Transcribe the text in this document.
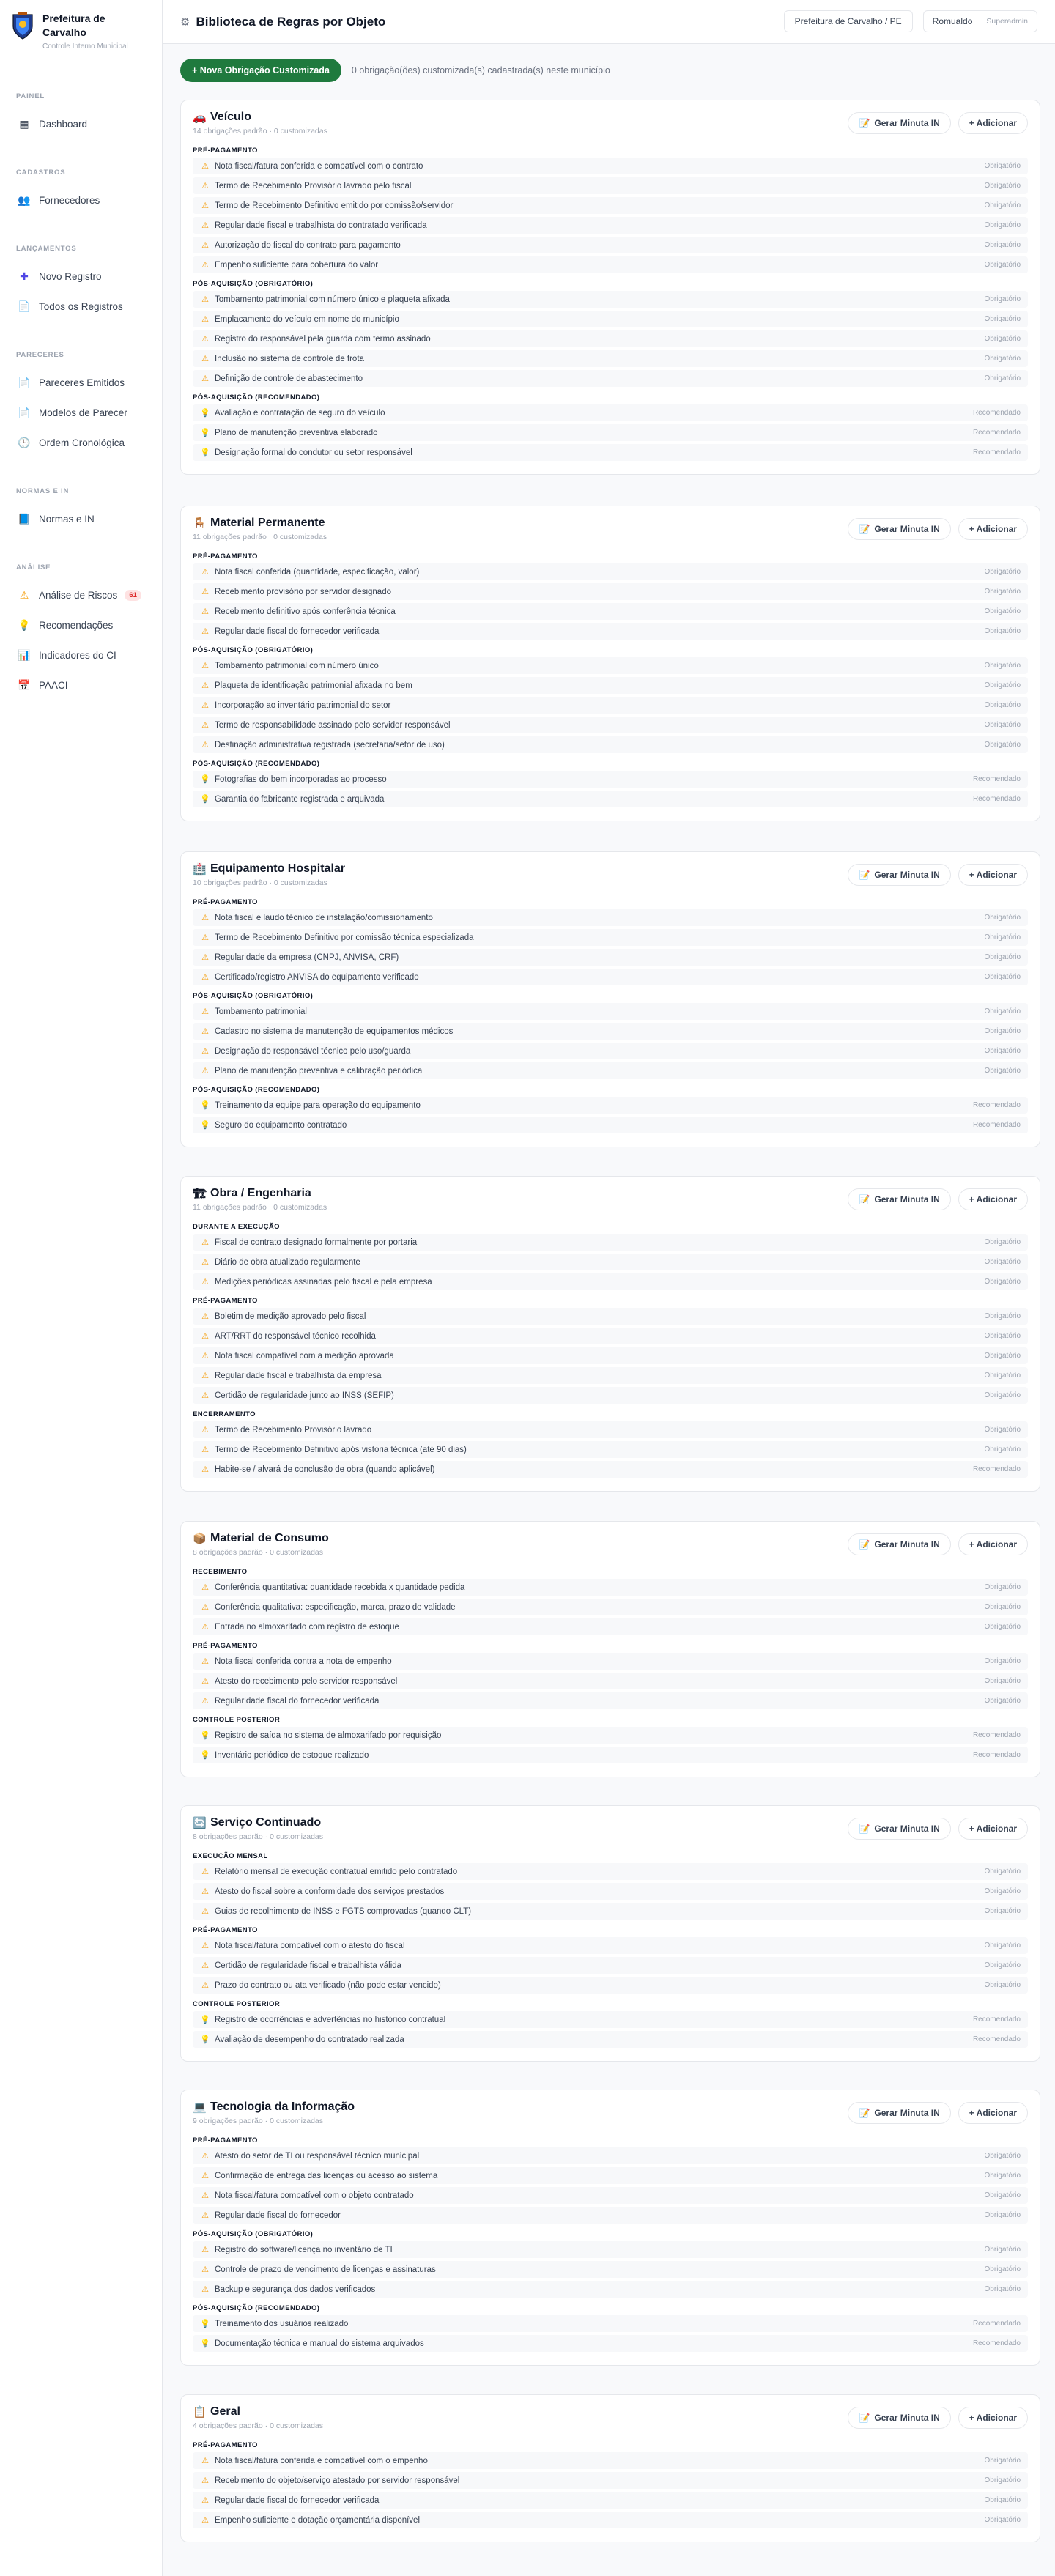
Prefeitura de
Carvalho
Controle Interno Municipal
PAINEL
▦ Dashboard
CADASTROS
👥 Fornecedores
LANÇAMENTOS
✚ Novo Registro
📄 Todos os Registros
PARECERES
📄 Pareceres Emitidos
📄 Modelos de Parecer
🕒 Ordem Cronológica
NORMAS E IN
📘 Normas e IN
ANÁLISE
⚠ Análise de Riscos	61
💡 Recomendações
📊 Indicadores do CI
📅 PAACI
⚙ Biblioteca de Regras por Objeto	Prefeitura de Carvalho / PE	Romualdo	Superadmin
+ Nova Obrigação Customizada	0 obrigação(ões) customizada(s) cadastrada(s) neste município
🚗 Veículo
14 obrigações padrão · 0 customizadas
📝 Gerar Minuta IN	+ Adicionar
PRÉ-PAGAMENTO
⚠ Nota fiscal/fatura conferida e compatível com o contrato	Obrigatório
⚠ Termo de Recebimento Provisório lavrado pelo fiscal	Obrigatório
⚠ Termo de Recebimento Definitivo emitido por comissão/servidor	Obrigatório
⚠ Regularidade fiscal e trabalhista do contratado verificada	Obrigatório
⚠ Autorização do fiscal do contrato para pagamento	Obrigatório
⚠ Empenho suficiente para cobertura do valor	Obrigatório
PÓS-AQUISIÇÃO (OBRIGATÓRIO)
⚠ Tombamento patrimonial com número único e plaqueta afixada	Obrigatório
⚠ Emplacamento do veículo em nome do município	Obrigatório
⚠ Registro do responsável pela guarda com termo assinado	Obrigatório
⚠ Inclusão no sistema de controle de frota	Obrigatório
⚠ Definição de controle de abastecimento	Obrigatório
PÓS-AQUISIÇÃO (RECOMENDADO)
💡 Avaliação e contratação de seguro do veículo	Recomendado
💡 Plano de manutenção preventiva elaborado	Recomendado
💡 Designação formal do condutor ou setor responsável	Recomendado
🪑 Material Permanente
11 obrigações padrão · 0 customizadas
📝 Gerar Minuta IN	+ Adicionar
PRÉ-PAGAMENTO
⚠ Nota fiscal conferida (quantidade, especificação, valor)	Obrigatório
⚠ Recebimento provisório por servidor designado	Obrigatório
⚠ Recebimento definitivo após conferência técnica	Obrigatório
⚠ Regularidade fiscal do fornecedor verificada	Obrigatório
PÓS-AQUISIÇÃO (OBRIGATÓRIO)
⚠ Tombamento patrimonial com número único	Obrigatório
⚠ Plaqueta de identificação patrimonial afixada no bem	Obrigatório
⚠ Incorporação ao inventário patrimonial do setor	Obrigatório
⚠ Termo de responsabilidade assinado pelo servidor responsável	Obrigatório
⚠ Destinação administrativa registrada (secretaria/setor de uso)	Obrigatório
PÓS-AQUISIÇÃO (RECOMENDADO)
💡 Fotografias do bem incorporadas ao processo	Recomendado
💡 Garantia do fabricante registrada e arquivada	Recomendado
🏥 Equipamento Hospitalar
10 obrigações padrão · 0 customizadas
📝 Gerar Minuta IN	+ Adicionar
PRÉ-PAGAMENTO
⚠ Nota fiscal e laudo técnico de instalação/comissionamento	Obrigatório
⚠ Termo de Recebimento Definitivo por comissão técnica especializada	Obrigatório
⚠ Regularidade da empresa (CNPJ, ANVISA, CRF)	Obrigatório
⚠ Certificado/registro ANVISA do equipamento verificado	Obrigatório
PÓS-AQUISIÇÃO (OBRIGATÓRIO)
⚠ Tombamento patrimonial	Obrigatório
⚠ Cadastro no sistema de manutenção de equipamentos médicos	Obrigatório
⚠ Designação do responsável técnico pelo uso/guarda	Obrigatório
⚠ Plano de manutenção preventiva e calibração periódica	Obrigatório
PÓS-AQUISIÇÃO (RECOMENDADO)
💡 Treinamento da equipe para operação do equipamento	Recomendado
💡 Seguro do equipamento contratado	Recomendado
🏗 Obra / Engenharia
11 obrigações padrão · 0 customizadas
📝 Gerar Minuta IN	+ Adicionar
DURANTE A EXECUÇÃO
⚠ Fiscal de contrato designado formalmente por portaria	Obrigatório
⚠ Diário de obra atualizado regularmente	Obrigatório
⚠ Medições periódicas assinadas pelo fiscal e pela empresa	Obrigatório
PRÉ-PAGAMENTO
⚠ Boletim de medição aprovado pelo fiscal	Obrigatório
⚠ ART/RRT do responsável técnico recolhida	Obrigatório
⚠ Nota fiscal compatível com a medição aprovada	Obrigatório
⚠ Regularidade fiscal e trabalhista da empresa	Obrigatório
⚠ Certidão de regularidade junto ao INSS (SEFIP)	Obrigatório
ENCERRAMENTO
⚠ Termo de Recebimento Provisório lavrado	Obrigatório
⚠ Termo de Recebimento Definitivo após vistoria técnica (até 90 dias)	Obrigatório
⚠ Habite-se / alvará de conclusão de obra (quando aplicável)	Recomendado
📦 Material de Consumo
8 obrigações padrão · 0 customizadas
📝 Gerar Minuta IN	+ Adicionar
RECEBIMENTO
⚠ Conferência quantitativa: quantidade recebida x quantidade pedida	Obrigatório
⚠ Conferência qualitativa: especificação, marca, prazo de validade	Obrigatório
⚠ Entrada no almoxarifado com registro de estoque	Obrigatório
PRÉ-PAGAMENTO
⚠ Nota fiscal conferida contra a nota de empenho	Obrigatório
⚠ Atesto do recebimento pelo servidor responsável	Obrigatório
⚠ Regularidade fiscal do fornecedor verificada	Obrigatório
CONTROLE POSTERIOR
💡 Registro de saída no sistema de almoxarifado por requisição	Recomendado
💡 Inventário periódico de estoque realizado	Recomendado
🔄 Serviço Continuado
8 obrigações padrão · 0 customizadas
📝 Gerar Minuta IN	+ Adicionar
EXECUÇÃO MENSAL
⚠ Relatório mensal de execução contratual emitido pelo contratado	Obrigatório
⚠ Atesto do fiscal sobre a conformidade dos serviços prestados	Obrigatório
⚠ Guias de recolhimento de INSS e FGTS comprovadas (quando CLT)	Obrigatório
PRÉ-PAGAMENTO
⚠ Nota fiscal/fatura compatível com o atesto do fiscal	Obrigatório
⚠ Certidão de regularidade fiscal e trabalhista válida	Obrigatório
⚠ Prazo do contrato ou ata verificado (não pode estar vencido)	Obrigatório
CONTROLE POSTERIOR
💡 Registro de ocorrências e advertências no histórico contratual	Recomendado
💡 Avaliação de desempenho do contratado realizada	Recomendado
💻 Tecnologia da Informação
9 obrigações padrão · 0 customizadas
📝 Gerar Minuta IN	+ Adicionar
PRÉ-PAGAMENTO
⚠ Atesto do setor de TI ou responsável técnico municipal	Obrigatório
⚠ Confirmação de entrega das licenças ou acesso ao sistema	Obrigatório
⚠ Nota fiscal/fatura compatível com o objeto contratado	Obrigatório
⚠ Regularidade fiscal do fornecedor	Obrigatório
PÓS-AQUISIÇÃO (OBRIGATÓRIO)
⚠ Registro do software/licença no inventário de TI	Obrigatório
⚠ Controle de prazo de vencimento de licenças e assinaturas	Obrigatório
⚠ Backup e segurança dos dados verificados	Obrigatório
PÓS-AQUISIÇÃO (RECOMENDADO)
💡 Treinamento dos usuários realizado	Recomendado
💡 Documentação técnica e manual do sistema arquivados	Recomendado
📋 Geral
4 obrigações padrão · 0 customizadas
📝 Gerar Minuta IN	+ Adicionar
PRÉ-PAGAMENTO
⚠ Nota fiscal/fatura conferida e compatível com o empenho	Obrigatório
⚠ Recebimento do objeto/serviço atestado por servidor responsável	Obrigatório
⚠ Regularidade fiscal do fornecedor verificada	Obrigatório
⚠ Empenho suficiente e dotação orçamentária disponível	Obrigatório
